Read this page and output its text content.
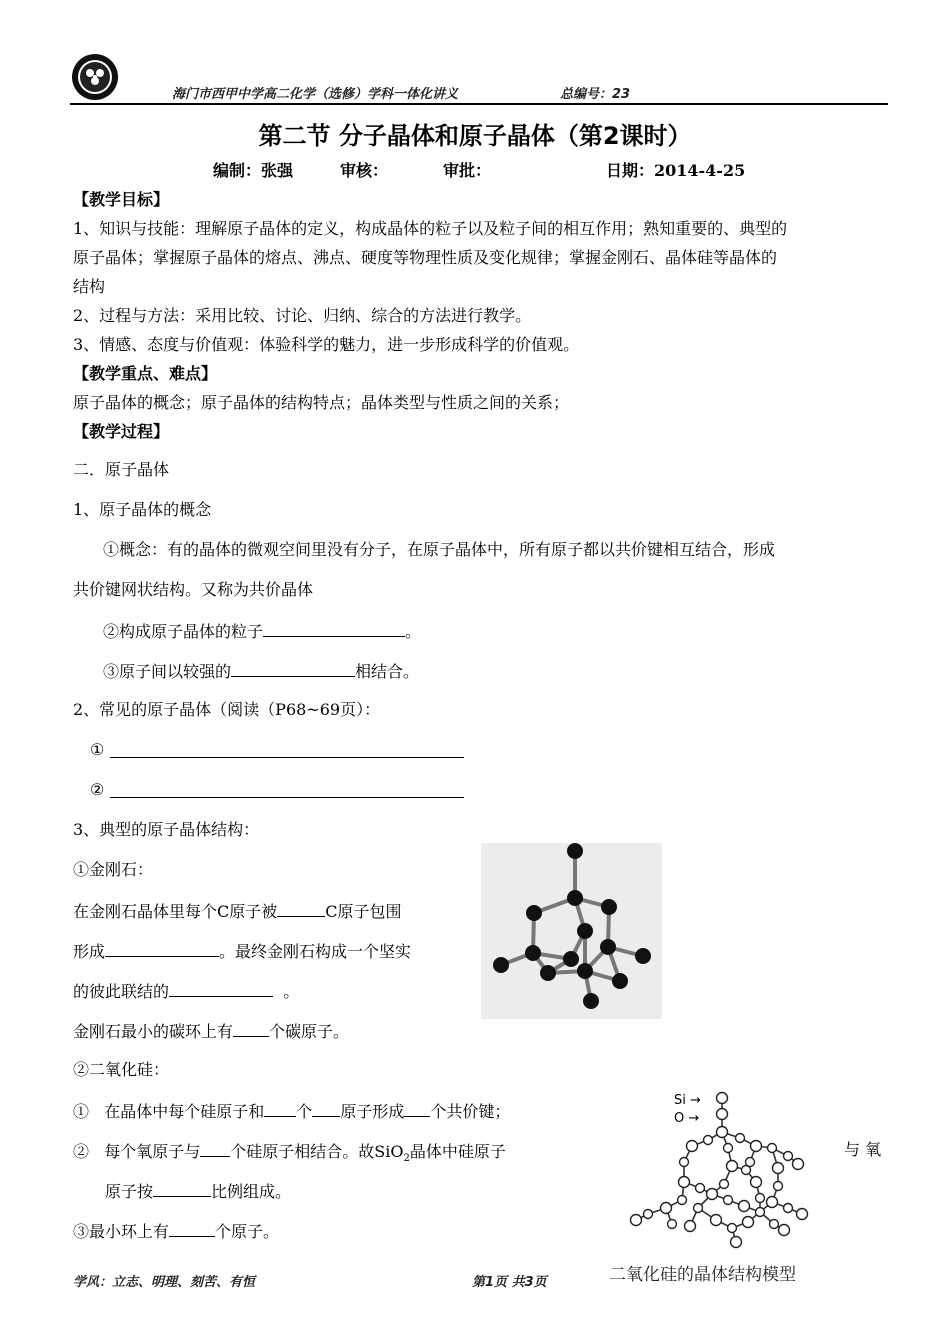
海门市西甲中学高二化学（选修）学科一体化讲义	总编号：23
第二节 分子晶体和原子晶体（第2课时）
编制：张强	审核：	审批：	日期：2014-4-25
【教学目标】
1、知识与技能：理解原子晶体的定义，构成晶体的粒子以及粒子间的相互作用；熟知重要的、典型的
原子晶体；掌握原子晶体的熔点、沸点、硬度等物理性质及变化规律；掌握金刚石、晶体硅等晶体的
结构
2、过程与方法：采用比较、讨论、归纳、综合的方法进行教学。
3、情感、态度与价值观：体验科学的魅力，进一步形成科学的价值观。
【教学重点、难点】
原子晶体的概念；原子晶体的结构特点；晶体类型与性质之间的关系；
【教学过程】
二．原子晶体
1、原子晶体的概念
①概念：有的晶体的微观空间里没有分子，在原子晶体中，所有原子都以共价键相互结合，形成
共价键网状结构。又称为共价晶体
②构成原子晶体的粒子	。
③原子间以较强的	相结合。
2、常见的原子晶体（阅读（P68~69页）：
①
②
3、典型的原子晶体结构：
①金刚石：
在金刚石晶体里每个C原子被	C原子包围
形成	。最终金刚石构成一个坚实
的彼此联结的	。
金刚石最小的碳环上有 个碳原子。
②二氧化硅：
① 在晶体中每个硅原子和 个 原子形成 个共价键；
② 每个氧原子与 个硅原子相结合。故SiO$_2$晶体中硅原子	与 氧
原子按	比例组成。
③最小环上有	个原子。
Si →
O →
二氧化硅的晶体结构模型
学风：立志、明理、刻苦、有恒	第1页 共3页
